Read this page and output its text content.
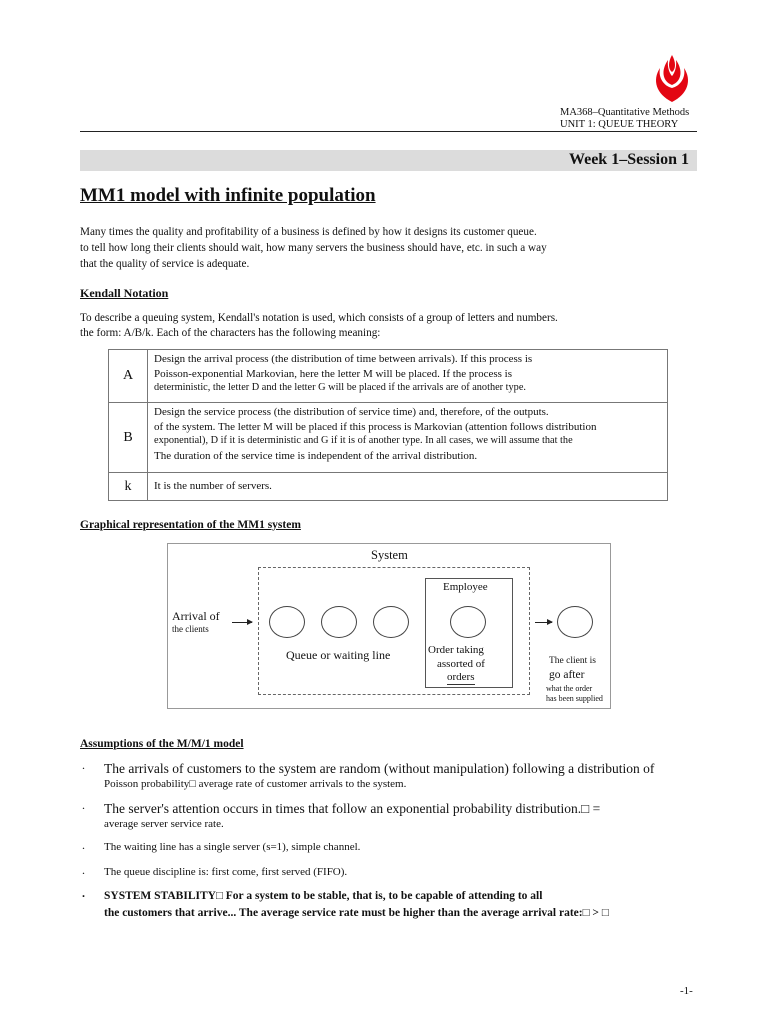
MA368–Quantitative Methods
UNIT 1: QUEUE THEORY
Week 1–Session 1
MM1 model with infinite population
Many times the quality and profitability of a business is defined by how it designs its customer queue.
to tell how long their clients should wait, how many servers the business should have, etc. in such a way
that the quality of service is adequate.
Kendall Notation
To describe a queuing system, Kendall's notation is used, which consists of a group of letters and numbers.
the form: A/B/k. Each of the characters has the following meaning:
A	Design the arrival process (the distribution of time between arrivals). If this process is
Poisson-exponential Markovian, here the letter M will be placed. If the process is
deterministic, the letter D and the letter G will be placed if the arrivals are of another type.

B	Design the service process (the distribution of service time) and, therefore, of the outputs.
of the system. The letter M will be placed if this process is Markovian (attention follows distribution
exponential), D if it is deterministic and G if it is of another type. In all cases, we will assume that the
The duration of the service time is independent of the arrival distribution.

k	It is the number of servers.
Graphical representation of the MM1 system
System
Employee
Arrival of
the clients
Queue or waiting line	Order taking
assorted of
orders
The client is
go after
what the order
has been supplied
Assumptions of the M/M/1 model
. The arrivals of customers to the system are random (without manipulation) following a distribution of
Poisson probability□ average rate of customer arrivals to the system.
. The server's attention occurs in times that follow an exponential probability distribution.□ =
average server service rate.
. The waiting line has a single server (s=1), simple channel.
. The queue discipline is: first come, first served (FIFO).
. SYSTEM STABILITY□ For a system to be stable, that is, to be capable of attending to all
the customers that arrive... The average service rate must be higher than the average arrival rate:□ > □
-1-
